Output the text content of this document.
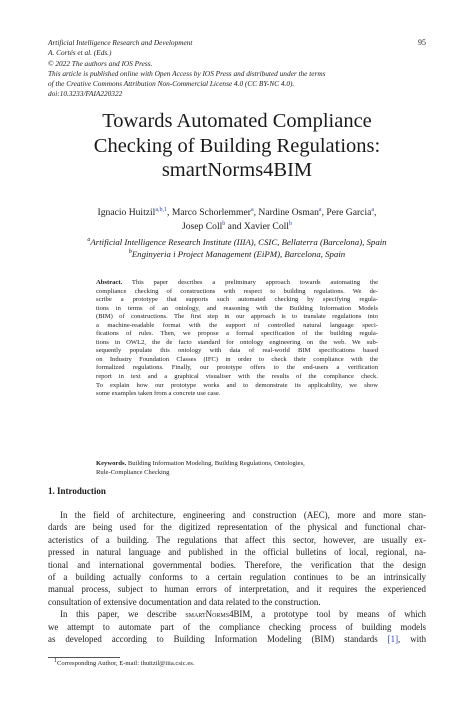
Artificial Intelligence Research and Development
A. Cortés et al. (Eds.)
© 2022 The authors and IOS Press.
This article is published online with Open Access by IOS Press and distributed under the terms
of the Creative Commons Attribution Non-Commercial License 4.0 (CC BY-NC 4.0).
doi:10.3233/FAIA220322
95
Towards Automated Compliance
Checking of Building Regulations:
smartNorms4BIM
Ignacio Huitzil$^{a,b,1}$, Marco Schorlemmer$^a$, Nardine Osman$^a$, Pere Garcia$^a$,
Josep Coll$^b$ and Xavier Coll$^b$
$^a$Artificial Intelligence Research Institute (IIIA), CSIC, Bellaterra (Barcelona), Spain
$^b$Enginyeria i Project Management (EiPM), Barcelona, Spain
Abstract. This paper describes a preliminary approach towards automating the
compliance checking of constructions with respect to building regulations. We de-
scribe a prototype that supports such automated checking by specifying regula-
tions in terms of an ontology, and reasoning with the Building Information Models
(BIM) of constructions. The first step in our approach is to translate regulations into
a machine-readable format with the support of controlled natural language speci-
fications of rules. Then, we propose a formal specification of the building regula-
tions in OWL2, the de facto standard for ontology engineering on the web. We sub-
sequently populate this ontology with data of real-world BIM specifications based
on Industry Foundation Classes (IFC) in order to check their compliance with the
formalized regulations. Finally, our prototype offers to the end-users a verification
report in text and a graphical visualiser with the results of the compliance check.
To explain how our prototype works and to demonstrate its applicability, we show
some examples taken from a concrete use case.
Keywords. Building Information Modeling, Building Regulations, Ontologies,
Rule-Compliance Checking
1. Introduction
In the field of architecture, engineering and construction (AEC), more and more stan-
dards are being used for the digitized representation of the physical and functional char-
acteristics of a building. The regulations that affect this sector, however, are usually ex-
pressed in natural language and published in the official bulletins of local, regional, na-
tional and international governmental bodies. Therefore, the verification that the design
of a building actually conforms to a certain regulation continues to be an intrinsically
manual process, subject to human errors of interpretation, and it requires the experienced
consultation of extensive documentation and data related to the construction.
In this paper, we describe smartNorms4BIM, a prototype tool by means of which
we attempt to automate part of the compliance checking process of building models
as developed according to Building Information Modeling (BIM) standards [1], with
$^1$Corresponding Author, E-mail: ihuitzil@iiia.csic.es.
